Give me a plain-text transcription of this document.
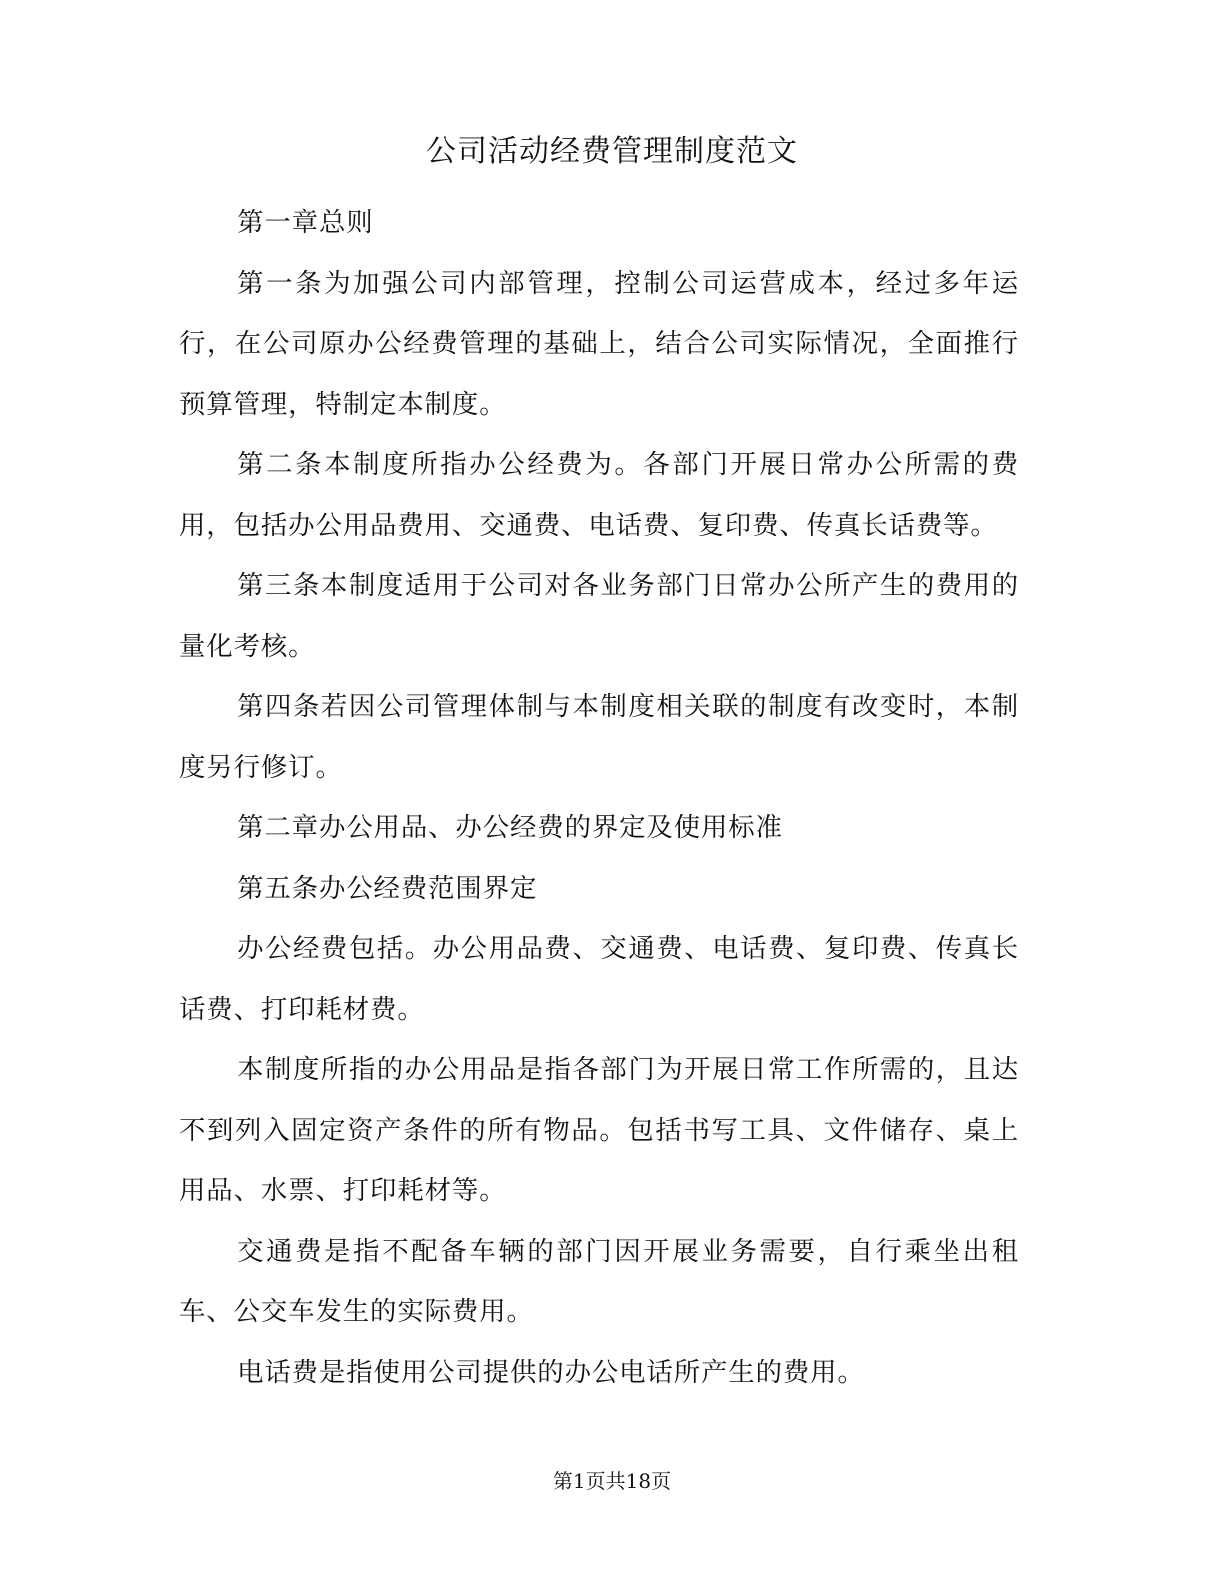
公司活动经费管理制度范文

第一章总则

第一条为加强公司内部管理，控制公司运营成本，经过多年运行，在公司原办公经费管理的基础上，结合公司实际情况，全面推行预算管理，特制定本制度。

第二条本制度所指办公经费为。各部门开展日常办公所需的费用，包括办公用品费用、交通费、电话费、复印费、传真长话费等。

第三条本制度适用于公司对各业务部门日常办公所产生的费用的量化考核。

第四条若因公司管理体制与本制度相关联的制度有改变时，本制度另行修订。

第二章办公用品、办公经费的界定及使用标准

第五条办公经费范围界定

办公经费包括。办公用品费、交通费、电话费、复印费、传真长话费、打印耗材费。

本制度所指的办公用品是指各部门为开展日常工作所需的，且达不到列入固定资产条件的所有物品。包括书写工具、文件储存、桌上用品、水票、打印耗材等。

交通费是指不配备车辆的部门因开展业务需要，自行乘坐出租车、公交车发生的实际费用。

电话费是指使用公司提供的办公电话所产生的费用。

第1页共18页
